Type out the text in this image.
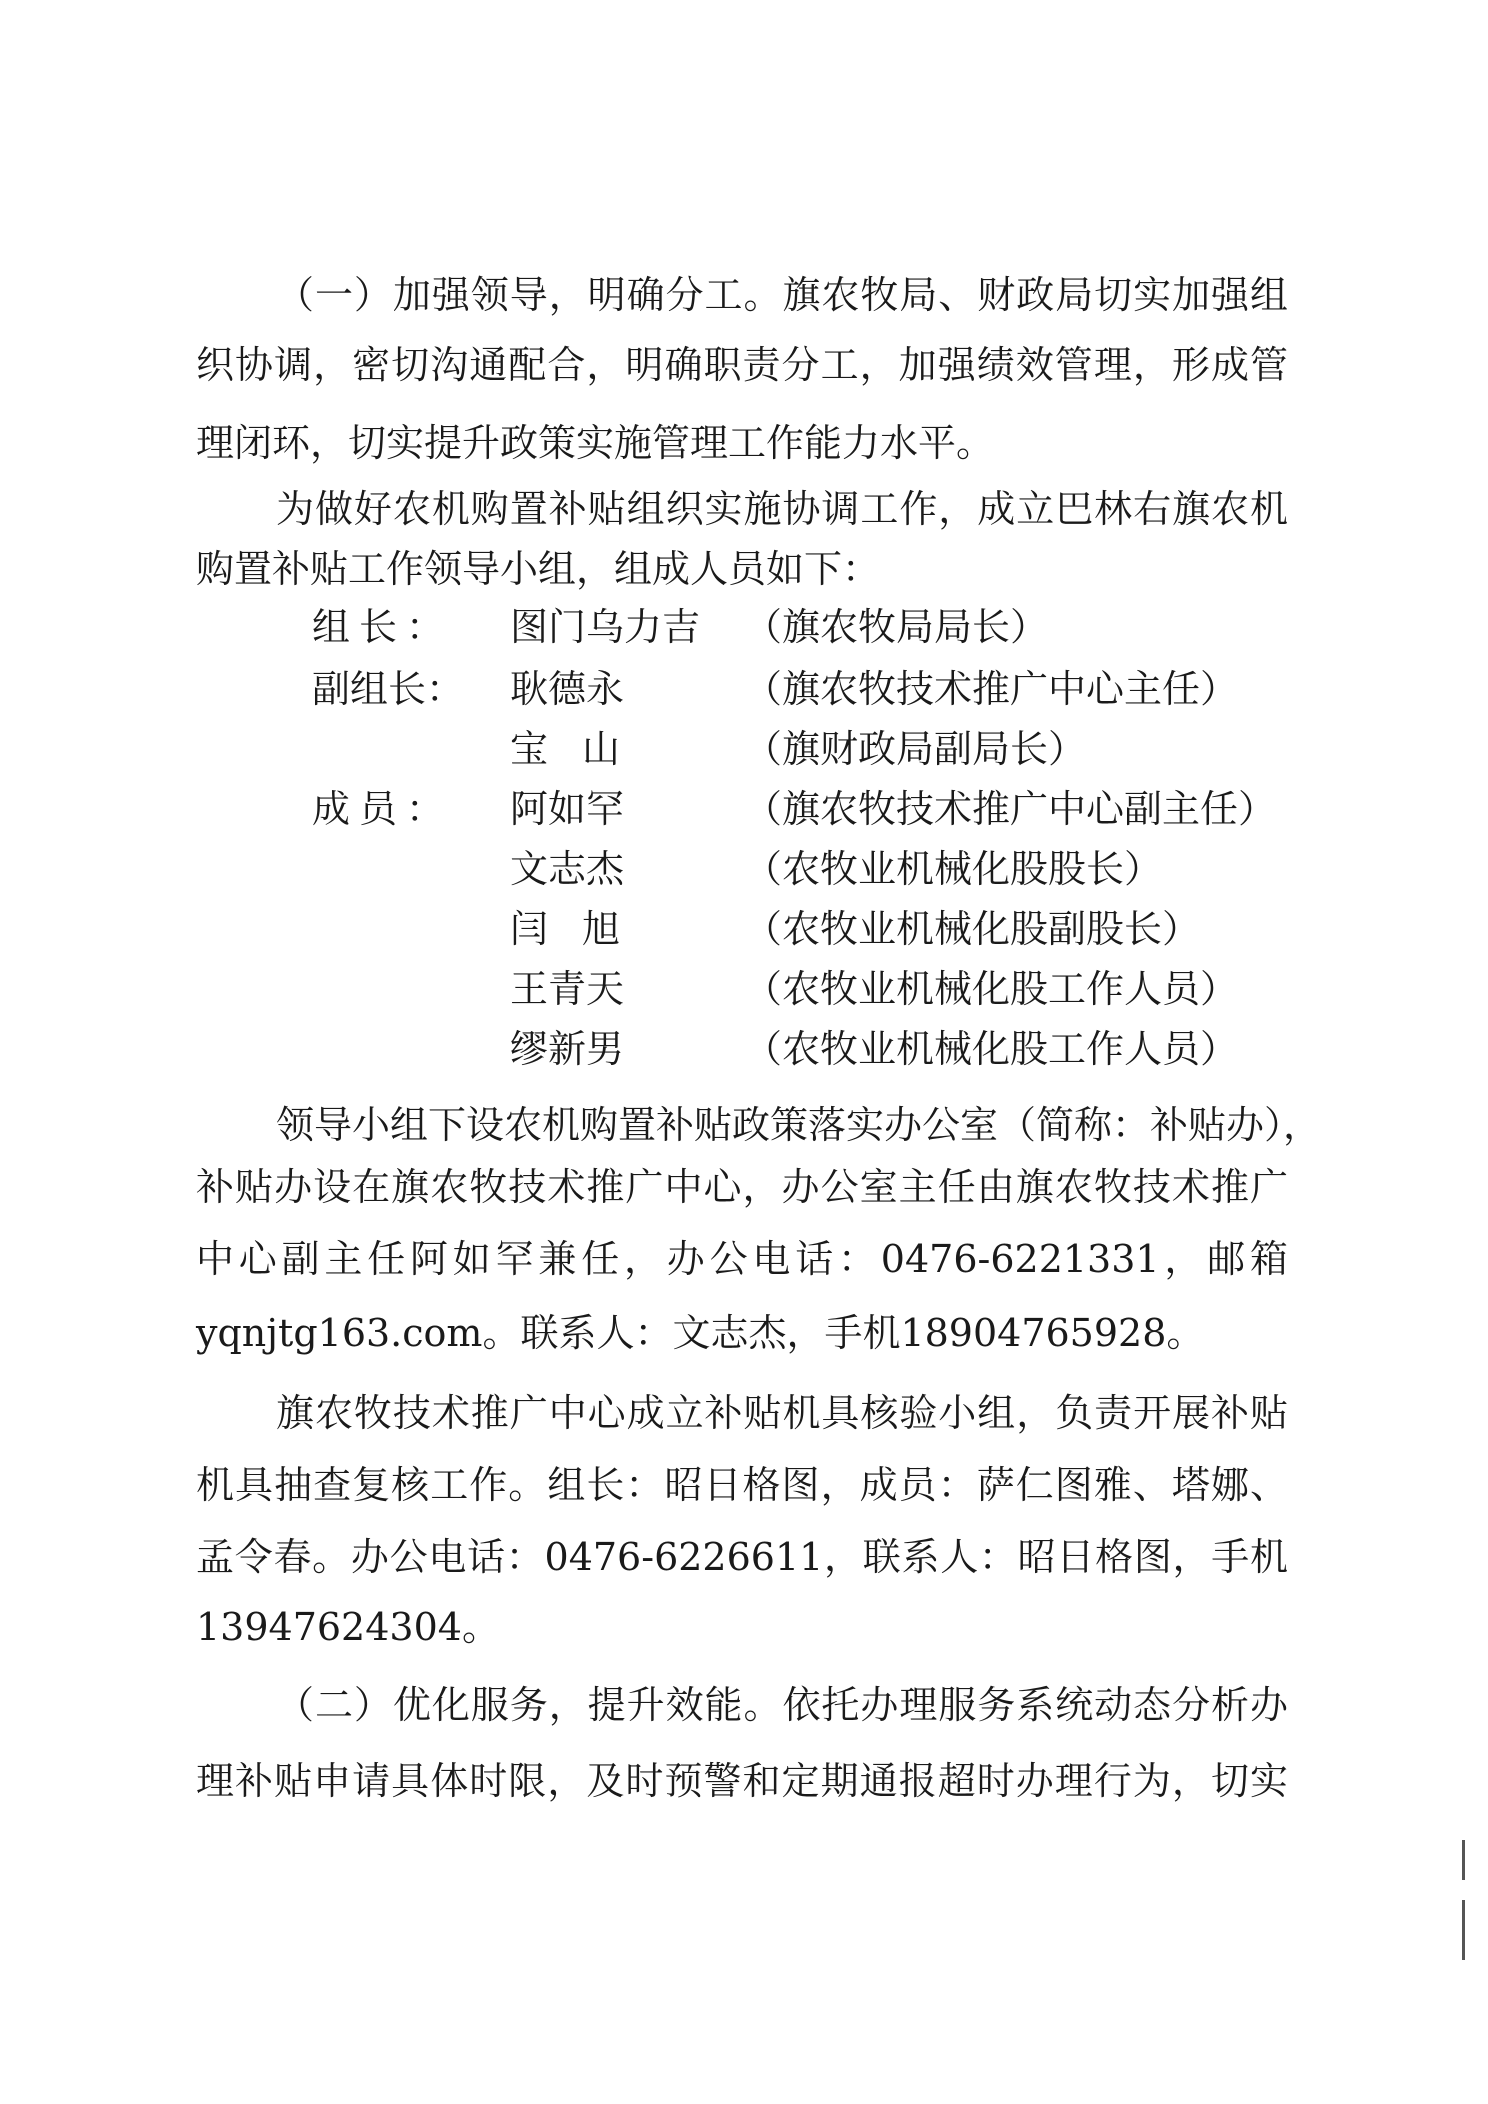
（一）加强领导，明确分工。旗农牧局、财政局切实加强组
织协调，密切沟通配合，明确职责分工，加强绩效管理，形成管
理闭环，切实提升政策实施管理工作能力水平。
为做好农机购置补贴组织实施协调工作，成立巴林右旗农机
购置补贴工作领导小组，组成人员如下：
组长： 图门乌力吉 （旗农牧局局长）
副组长： 耿德永	（旗农牧技术推广中心主任）
宝山	（旗财政局副局长）
成员： 阿如罕	（旗农牧技术推广中心副主任）
文志杰	（农牧业机械化股股长）
闫旭	（农牧业机械化股副股长）
王青天	（农牧业机械化股工作人员）
缪新男	（农牧业机械化股工作人员）
领导小组下设农机购置补贴政策落实办公室（简称：补贴办），
补贴办设在旗农牧技术推广中心，办公室主任由旗农牧技术推广
中心副主任阿如罕兼任，办公电话：0476-6221331，邮箱
yqnjtg163.com。联系人：文志杰，手机18904765928。
旗农牧技术推广中心成立补贴机具核验小组，负责开展补贴
机具抽查复核工作。组长：昭日格图，成员：萨仁图雅、塔娜、
孟令春。办公电话：0476-6226611，联系人：昭日格图，手机
13947624304。
（二）优化服务，提升效能。依托办理服务系统动态分析办
理补贴申请具体时限，及时预警和定期通报超时办理行为，切实
